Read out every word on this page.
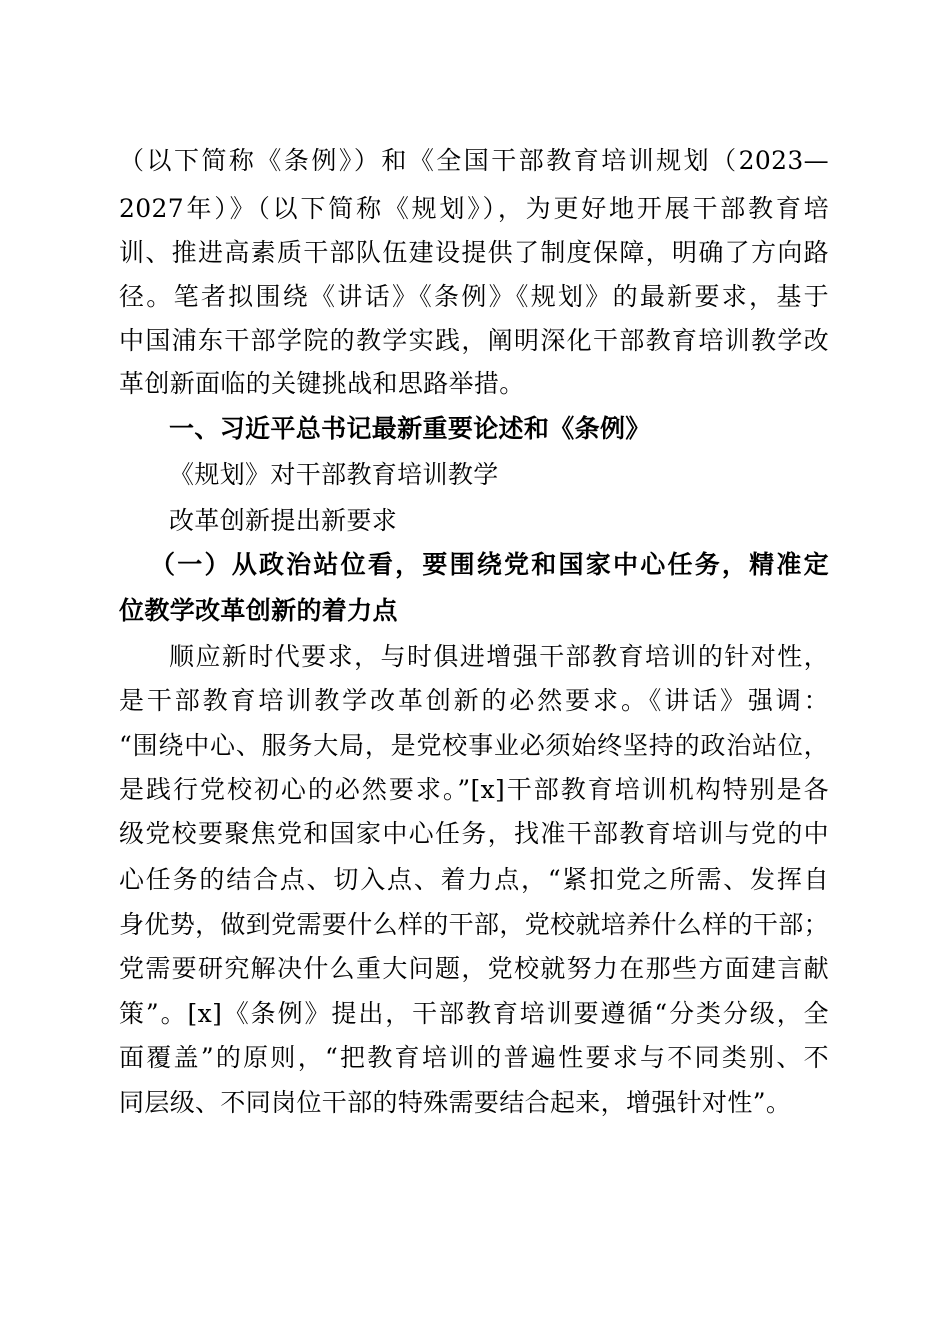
（以下简称《条例》）和《全国干部教育培训规划（2023—
2027年）》（以下简称《规划》），为更好地开展干部教育培
训、推进高素质干部队伍建设提供了制度保障，明确了方向路
径。笔者拟围绕《讲话》《条例》《规划》的最新要求，基于
中国浦东干部学院的教学实践，阐明深化干部教育培训教学改
革创新面临的关键挑战和思路举措。
一、习近平总书记最新重要论述和《条例》
《规划》对干部教育培训教学
改革创新提出新要求
（一）从政治站位看，要围绕党和国家中心任务，精准定
位教学改革创新的着力点
顺应新时代要求，与时俱进增强干部教育培训的针对性，
是干部教育培训教学改革创新的必然要求。《讲话》强调：
“围绕中心、服务大局，是党校事业必须始终坚持的政治站位，
是践行党校初心的必然要求。”[x]干部教育培训机构特别是各
级党校要聚焦党和国家中心任务，找准干部教育培训与党的中
心任务的结合点、切入点、着力点，“紧扣党之所需、发挥自
身优势，做到党需要什么样的干部，党校就培养什么样的干部；
党需要研究解决什么重大问题，党校就努力在那些方面建言献
策”。[x]《条例》提出，干部教育培训要遵循“分类分级，全
面覆盖”的原则，“把教育培训的普遍性要求与不同类别、不
同层级、不同岗位干部的特殊需要结合起来，增强针对性”。
